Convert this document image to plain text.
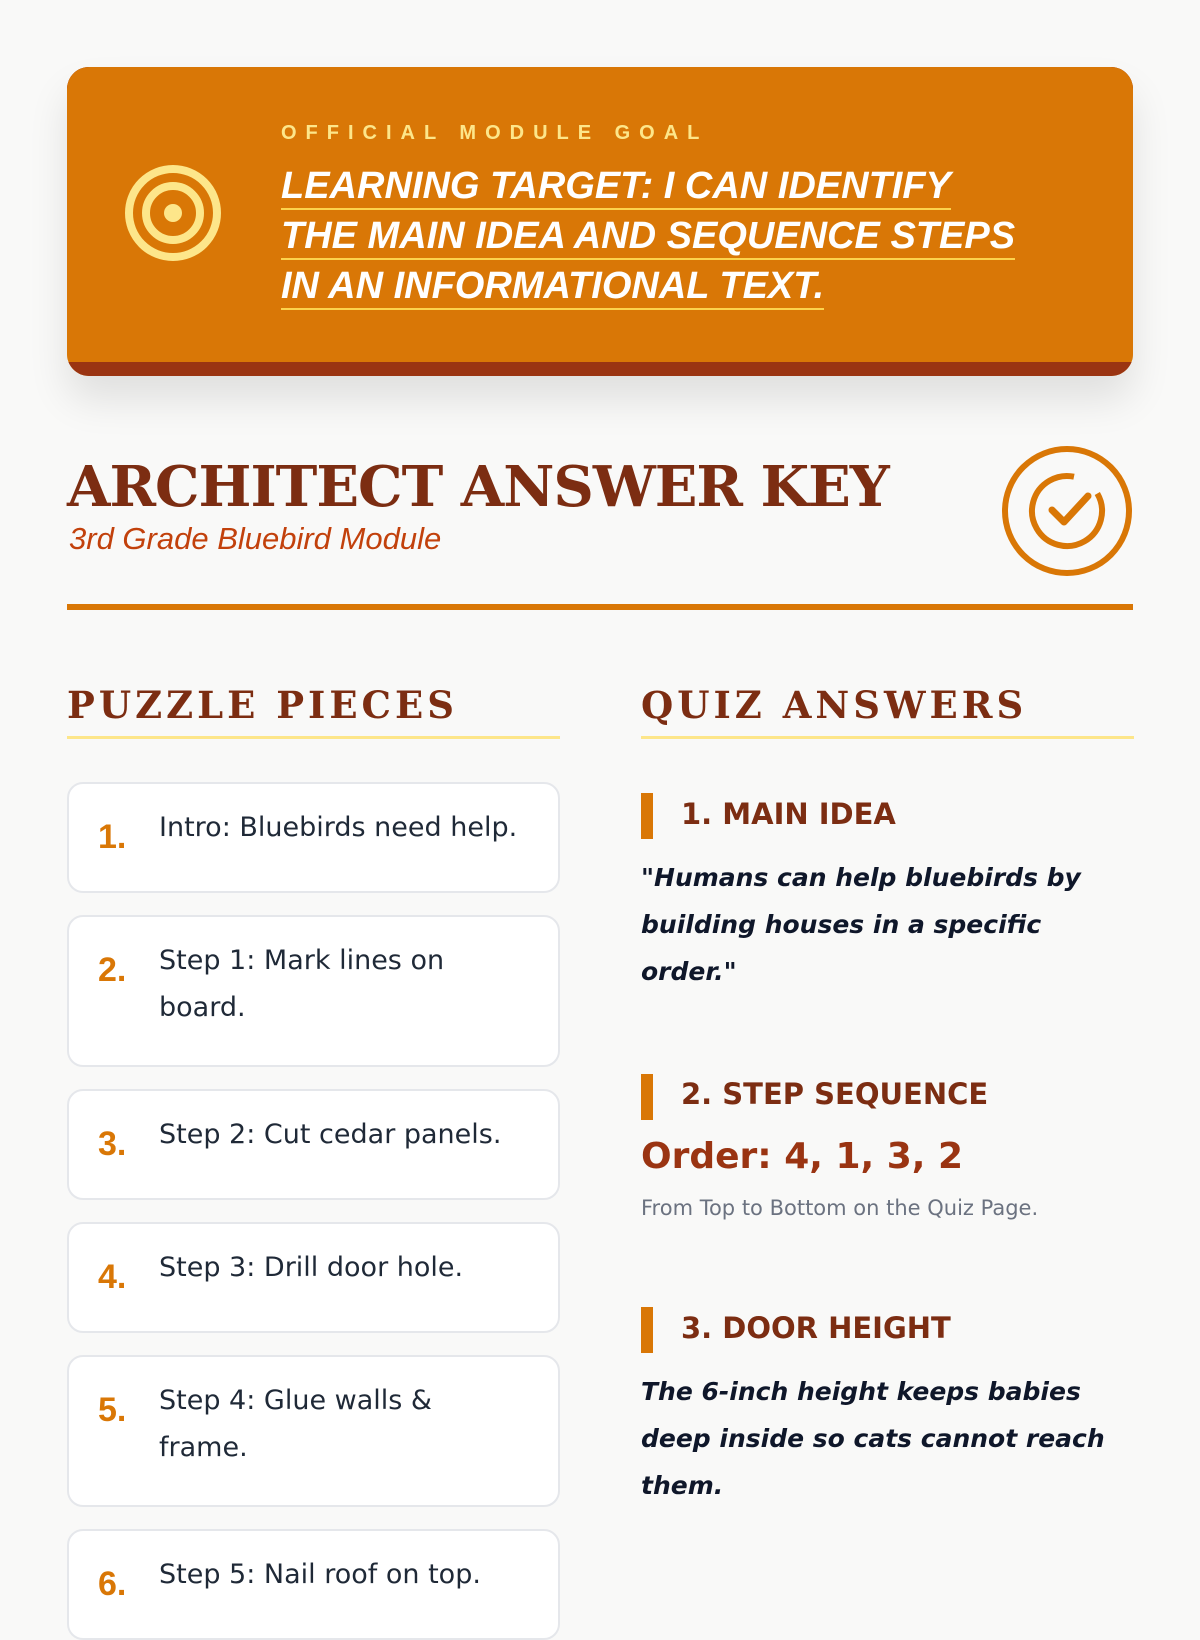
OFFICIAL MODULE GOAL
LEARNING TARGET: I CAN IDENTIFY
THE MAIN IDEA AND SEQUENCE STEPS
IN AN INFORMATIONAL TEXT.
ARCHITECT ANSWER KEY
3rd Grade Bluebird Module
PUZZLE PIECES	QUIZ ANSWERS
1. Intro: Bluebirds need help.
2. Step 1: Mark lines on board.
3. Step 2: Cut cedar panels.
4. Step 3: Drill door hole.
5. Step 4: Glue walls & frame.
6. Step 5: Nail roof on top.
1. MAIN IDEA
"Humans can help bluebirds by building houses in a specific order."
2. STEP SEQUENCE
Order: 4, 1, 3, 2
From Top to Bottom on the Quiz Page.
3. DOOR HEIGHT
The 6-inch height keeps babies deep inside so cats cannot reach them.
